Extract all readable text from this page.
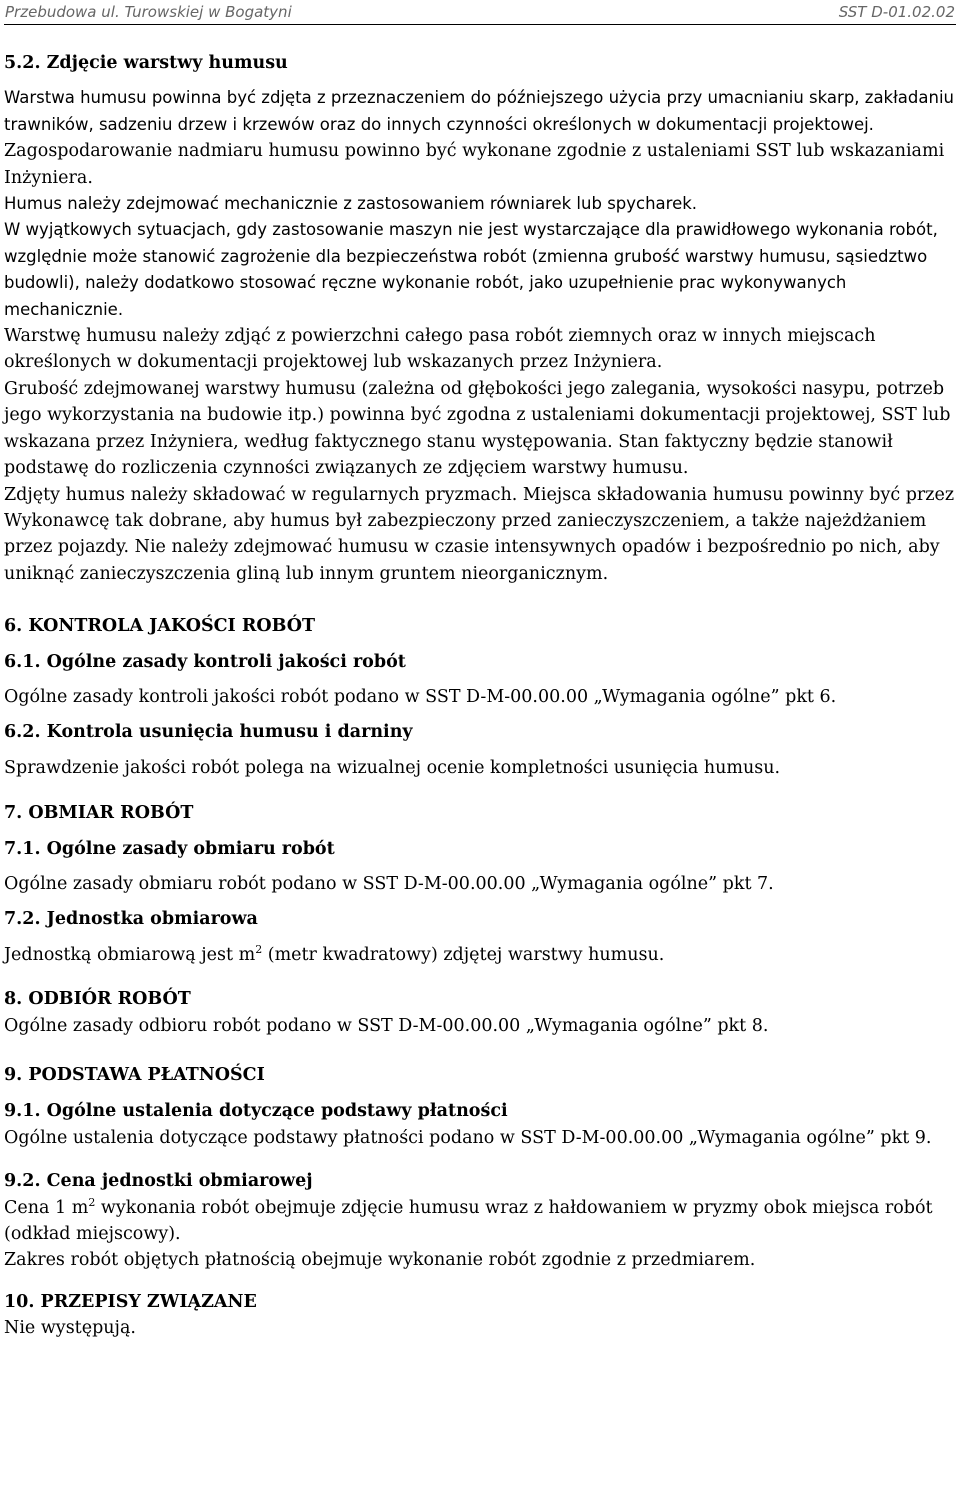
Przebudowa ul. Turowskiej w Bogatyni	SST D-01.02.02

5.2. Zdjęcie warstwy humusu

Warstwa humusu powinna być zdjęta z przeznaczeniem do późniejszego użycia przy umacnianiu skarp, zakładaniu trawników, sadzeniu drzew i krzewów oraz do innych czynności określonych w dokumentacji projektowej. Zagospodarowanie nadmiaru humusu powinno być wykonane zgodnie z ustaleniami SST lub wskazaniami Inżyniera.

Humus należy zdejmować mechanicznie z zastosowaniem równiarek lub spycharek.

W wyjątkowych sytuacjach, gdy zastosowanie maszyn nie jest wystarczające dla prawidłowego wykonania robót, względnie może stanowić zagrożenie dla bezpieczeństwa robót (zmienna grubość warstwy humusu, sąsiedztwo budowli), należy dodatkowo stosować ręczne wykonanie robót, jako uzupełnienie prac wykonywanych mechanicznie.

Warstwę humusu należy zdjąć z powierzchni całego pasa robót ziemnych oraz w innych miejscach określonych w dokumentacji projektowej lub wskazanych przez Inżyniera.

Grubość zdejmowanej warstwy humusu (zależna od głębokości jego zalegania, wysokości nasypu, potrzeb jego wykorzystania na budowie itp.) powinna być zgodna z ustaleniami dokumentacji projektowej, SST lub wskazana przez Inżyniera, według faktycznego stanu występowania. Stan faktyczny będzie stanowił podstawę do rozliczenia czynności związanych ze zdjęciem warstwy humusu.

Zdjęty humus należy składować w regularnych pryzmach. Miejsca składowania humusu powinny być przez Wykonawcę tak dobrane, aby humus był zabezpieczony przed zanieczyszczeniem, a także najeżdżaniem przez pojazdy. Nie należy zdejmować humusu w czasie intensywnych opadów i bezpośrednio po nich, aby uniknąć zanieczyszczenia gliną lub innym gruntem nieorganicznym.

6. KONTROLA JAKOŚCI ROBÓT

6.1. Ogólne zasady kontroli jakości robót

Ogólne zasady kontroli jakości robót podano w SST D-M-00.00.00 „Wymagania ogólne” pkt 6.

6.2. Kontrola usunięcia humusu i darniny

Sprawdzenie jakości robót polega na wizualnej ocenie kompletności usunięcia humusu.

7. OBMIAR ROBÓT

7.1. Ogólne zasady obmiaru robót

Ogólne zasady obmiaru robót podano w SST D-M-00.00.00 „Wymagania ogólne” pkt 7.

7.2. Jednostka obmiarowa

Jednostką obmiarową jest $m^2$ (metr kwadratowy) zdjętej warstwy humusu.

8. ODBIÓR ROBÓT

Ogólne zasady odbioru robót podano w SST D-M-00.00.00 „Wymagania ogólne” pkt 8.

9. PODSTAWA PŁATNOŚCI

9.1. Ogólne ustalenia dotyczące podstawy płatności

Ogólne ustalenia dotyczące podstawy płatności podano w SST D-M-00.00.00 „Wymagania ogólne” pkt 9.

9.2. Cena jednostki obmiarowej

Cena 1 $m^2$ wykonania robót obejmuje zdjęcie humusu wraz z hałdowaniem w pryzmy obok miejsca robót (odkład miejscowy).

Zakres robót objętych płatnością obejmuje wykonanie robót zgodnie z przedmiarem.

10. PRZEPISY ZWIĄZANE

Nie występują.
